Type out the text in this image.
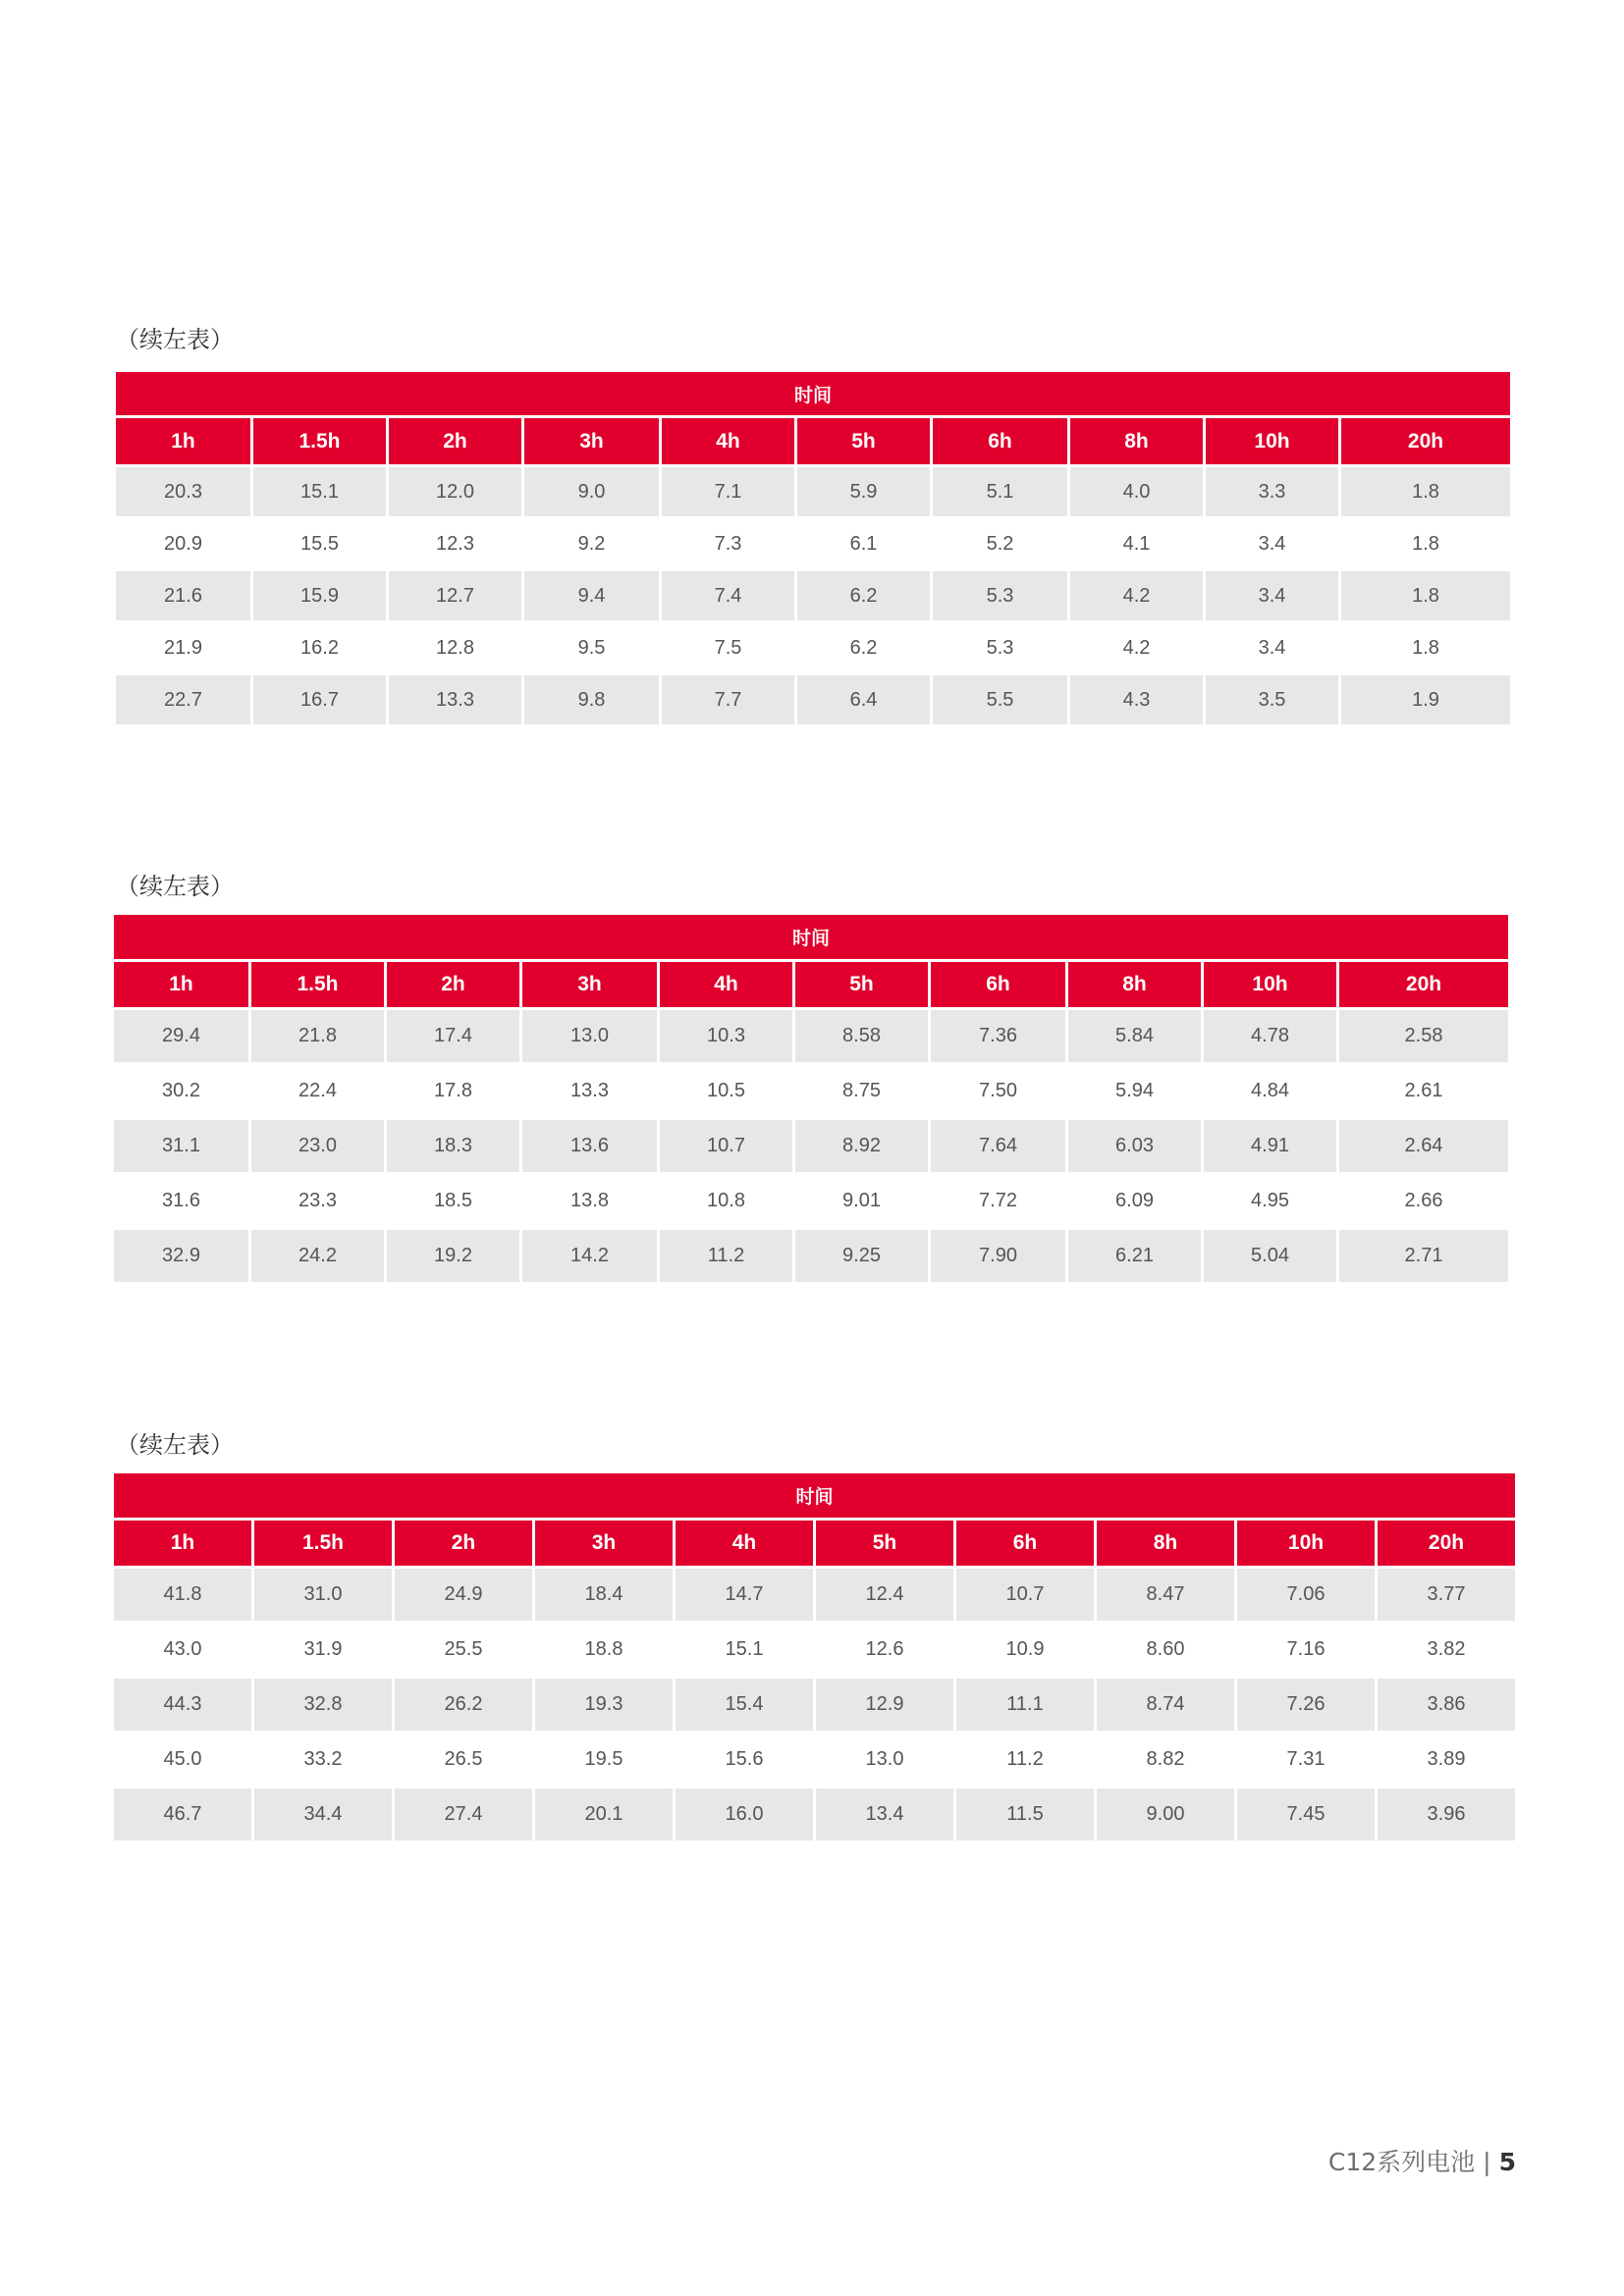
（续左表）
时间									
1h	1.5h	2h	3h	4h	5h	6h	8h	10h	20h
20.3	15.1	12.0	9.0	7.1	5.9	5.1	4.0	3.3	1.8
20.9	15.5	12.3	9.2	7.3	6.1	5.2	4.1	3.4	1.8
21.6	15.9	12.7	9.4	7.4	6.2	5.3	4.2	3.4	1.8
21.9	16.2	12.8	9.5	7.5	6.2	5.3	4.2	3.4	1.8
22.7	16.7	13.3	9.8	7.7	6.4	5.5	4.3	3.5	1.9
（续左表）
时间									
1h	1.5h	2h	3h	4h	5h	6h	8h	10h	20h
29.4	21.8	17.4	13.0	10.3	8.58	7.36	5.84	4.78	2.58
30.2	22.4	17.8	13.3	10.5	8.75	7.50	5.94	4.84	2.61
31.1	23.0	18.3	13.6	10.7	8.92	7.64	6.03	4.91	2.64
31.6	23.3	18.5	13.8	10.8	9.01	7.72	6.09	4.95	2.66
32.9	24.2	19.2	14.2	11.2	9.25	7.90	6.21	5.04	2.71
（续左表）
时间									
1h	1.5h	2h	3h	4h	5h	6h	8h	10h	20h
41.8	31.0	24.9	18.4	14.7	12.4	10.7	8.47	7.06	3.77
43.0	31.9	25.5	18.8	15.1	12.6	10.9	8.60	7.16	3.82
44.3	32.8	26.2	19.3	15.4	12.9	11.1	8.74	7.26	3.86
45.0	33.2	26.5	19.5	15.6	13.0	11.2	8.82	7.31	3.89
46.7	34.4	27.4	20.1	16.0	13.4	11.5	9.00	7.45	3.96
C12系列电池 | 5
